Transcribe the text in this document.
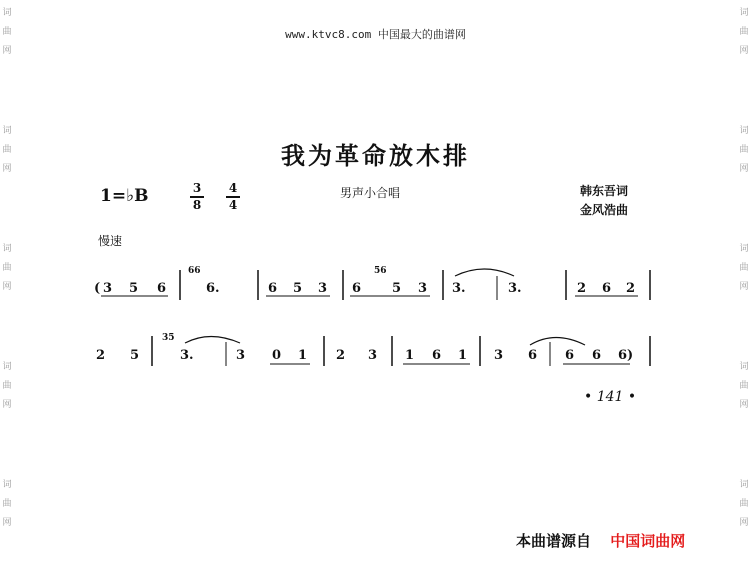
词
曲
网
词
曲
网
词
曲
网
词
曲
网
词
曲
网
词
曲
网
词
曲
网
词
曲
网
词
曲
网
词
曲
网
www.ktvc8.com 中国最大的曲谱网
我为革命放木排
1=♭B	3
8
4
4
男声小合唱	韩东吾词
金风浩曲
慢速
( 3 5 6
66
6.	6 5 3 6
56
5 3 3.	3.	2 6 2
2 5
35
3.	3 0 1 2 3 1 6 1 3 6 6 6 6)
• 141 •
本曲谱源自 中国词曲网
